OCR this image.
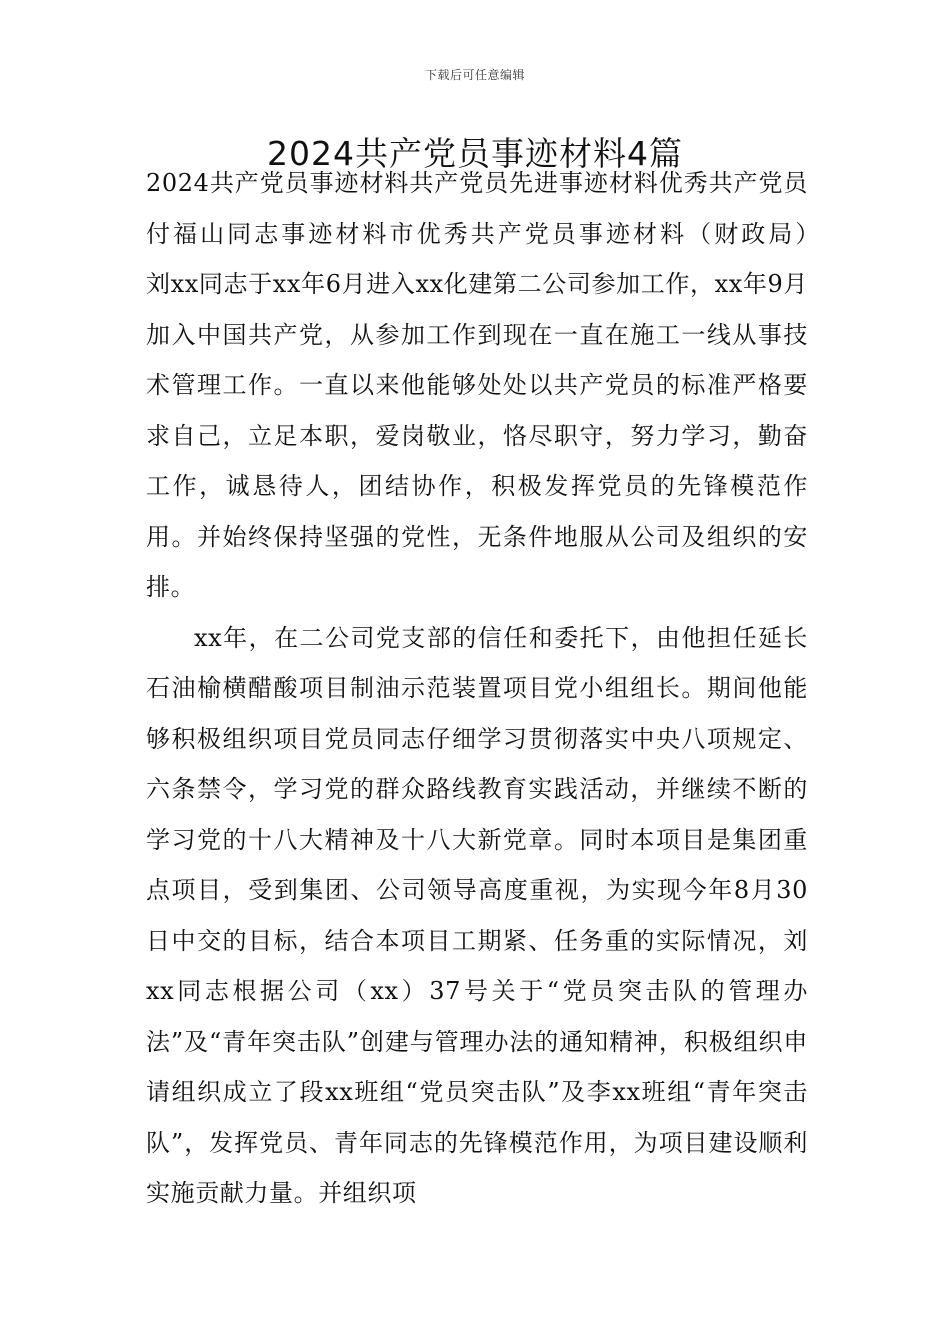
下载后可任意编辑
2024共产党员事迹材料4篇

2024共产党员事迹材料共产党员先进事迹材料优秀共产党员付福山同志事迹材料市优秀共产党员事迹材料（财政局）　　刘xx同志于xx年6月进入xx化建第二公司参加工作，xx年9月加入中国共产党，从参加工作到现在一直在施工一线从事技术管理工作。一直以来他能够处处以共产党员的标准严格要求自己，立足本职，爱岗敬业，恪尽职守，努力学习，勤奋工作，诚恳待人，团结协作，积极发挥党员的先锋模范作用。并始终保持坚强的党性，无条件地服从公司及组织的安排。

xx年，在二公司党支部的信任和委托下，由他担任延长石油榆横醋酸项目制油示范装置项目党小组组长。期间他能够积极组织项目党员同志仔细学习贯彻落实中央八项规定、六条禁令，学习党的群众路线教育实践活动，并继续不断的学习党的十八大精神及十八大新党章。同时本项目是集团重点项目，受到集团、公司领导高度重视，为实现今年8月30日中交的目标，结合本项目工期紧、任务重的实际情况，刘xx同志根据公司（xx）37号关于“党员突击队的管理办法”及“青年突击队”创建与管理办法的通知精神，积极组织申请组织成立了段xx班组“党员突击队”及李xx班组“青年突击队”，发挥党员、青年同志的先锋模范作用，为项目建设顺利实施贡献力量。并组织项
